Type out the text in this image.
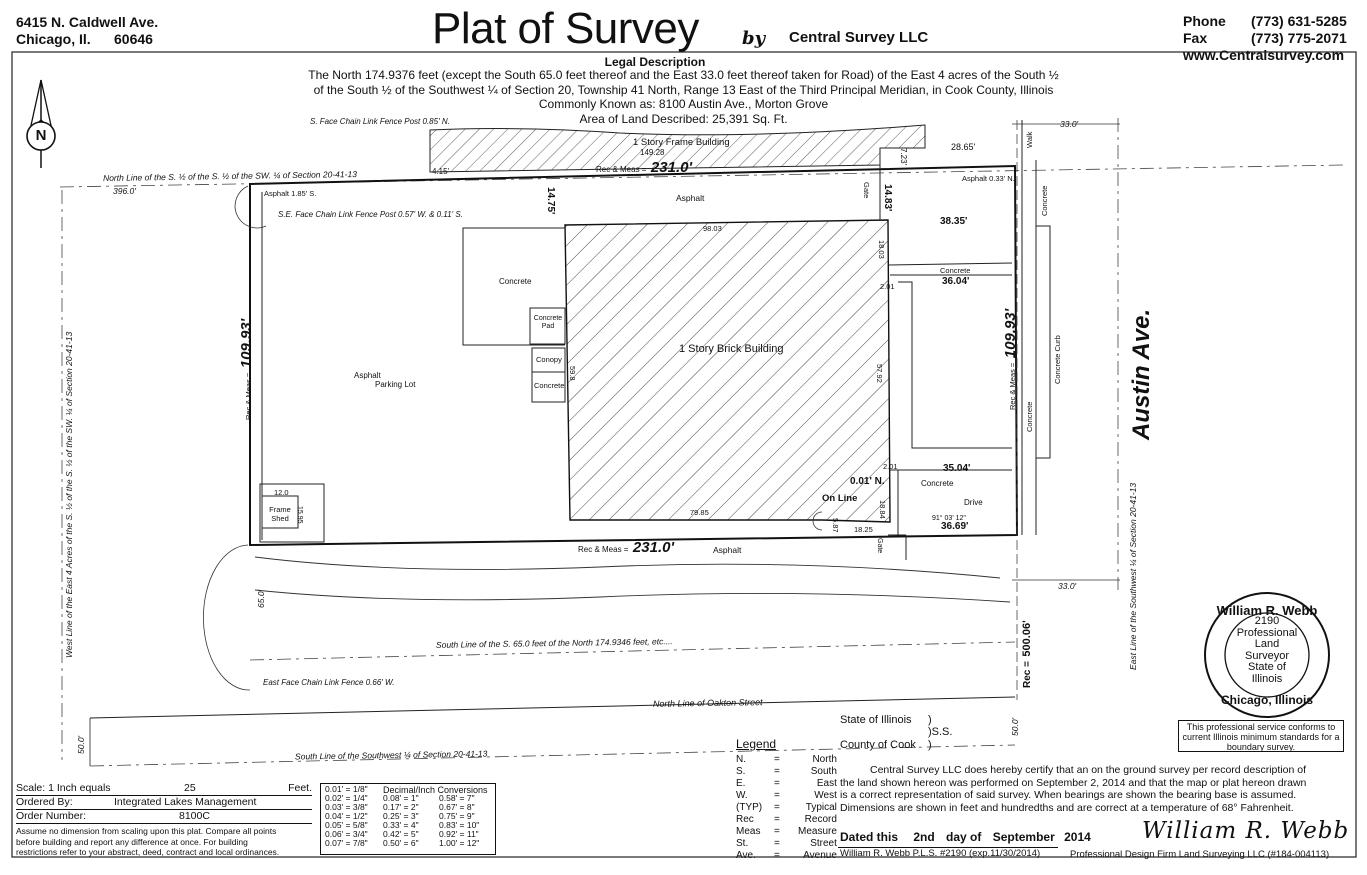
6415 N. Caldwell Ave.
Chicago, Il.      60646	Plat of Survey by Central Survey LLC
Phone (773) 631-5285
Fax	(773) 775-2071
www.Centralsurvey.com
Legal Description
The North 174.9376 feet (except the South 65.0 feet thereof and the East 33.0 feet thereof taken for Road) of the East 4 acres of the South ½
of the South ½ of the Southwest ¼ of Section 20, Township 41 North, Range 13 East of the Third Principal Meridian, in Cook County, Illinois
Commonly Known as: 8100 Austin Ave., Morton Grove
Area of Land Described: 25,391 Sq. Ft.
N
S. Face Chain Link Fence Post 0.85' N.
1 Story Frame Building
149.28
4.15'
North Line of the S. ½ of the S. ½ of the SW. ¼ of Section 20-41-13
396.0'
Rec & Meas = 231.0'
7.23'
28.65'
33.0'
Walk
Asphalt 1.85' S.	14.75'	Asphalt	Gate 14.83'
Asphalt 0.33' N.
Concrete
S.E. Face Chain Link Fence Post 0.57' W. & 0.11' S.
38.35'
98.03
18.03
Concrete
Concrete
2.01	36.04'
Concrete Pad
1 Story Brick Building
Rec & Meas = 109.93'
Asphalt
Parking Lot
Conopy
Concrete
59.8	57.92	Rec & Meas = 109.93'
Concrete Curb
Concrete	Austin Ave.
0.01' N.
2.01	35.04'
Concrete
On Line
18.84	Drive
12.0
Frame
Shed	15.95	79.85
5.87 18.25
91° 03' 12"
36.69'
Rec & Meas = 231.0'	Asphalt	Gate
65.0'
33.0'
West Line of the East 4 Acres of the S. ½ of the S. ½ of the SW. ¼ of Section 20-41-13	East Line of the Southwest ¼ of Section 20-41-13
South Line of the S. 65.0 feet of the North 174.9346 feet, etc....
Rec = 500.06'
East Face Chain Link Fence 0.66' W.
North Line of Oakton Street
50.0'
50.0'
South Line of the Southwest ¼ of Section 20-41-13
William R. Webb
2190
Professional
Land
Surveyor
State of
Illinois
Chicago, Illinois
This professional service conforms to current Illinois minimum standards for a boundary survey.
State of Illinois )
)S.S.
County of Cook )
Legend
N.	=	North
S.	=	South
E.	=	East
W.	=	West
(TYP)	=	Typical
Rec	=	Record
Meas	=	Measure
St.	=	Street
Ave.	=	Avenue
Central Survey LLC does hereby certify that an on the ground survey per record description of
the land shown hereon was performed on September 2, 2014 and that the map or plat hereon drawn
is a correct representation of said survey. When bearings are shown the bearing base is assumed.
Dimensions are shown in feet and hundredths and are correct at a temperature of 68° Fahrenheit.
Dated this 2nd day of September 2014 William R. Webb
William R. Webb P.L.S. #2190 (exp.11/30/2014)	Professional Design Firm Land Surveying LLC (#184-004113)
Scale: 1 Inch equals	25	Feet.
Ordered By:	Integrated Lakes Management
Order Number:	8100C
Assume no dimension from scaling upon this plat. Compare all points
before building and report any difference at once. For building
restrictions refer to your abstract, deed, contract and local ordinances.
Decimal/Inch Conversions
0.01' = 1/8"		
0.02' = 1/4"	0.08' = 1"	0.58' = 7"
0.03' = 3/8"	0.17' = 2"	0.67' = 8"
0.04' = 1/2"	0.25' = 3"	0.75' = 9"
0.05' = 5/8"	0.33' = 4"	0.83' = 10"
0.06' = 3/4"	0.42' = 5"	0.92' = 11"
0.07' = 7/8"	0.50' = 6"	1.00' = 12"
